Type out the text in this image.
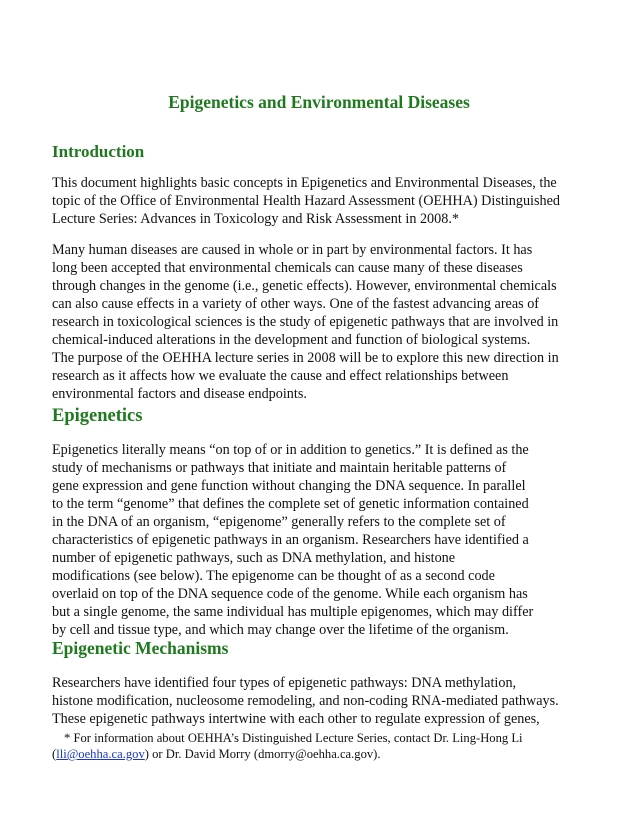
Epigenetics and Environmental Diseases
Introduction
This document highlights basic concepts in Epigenetics and Environmental Diseases, the
topic of the Office of Environmental Health Hazard Assessment (OEHHA) Distinguished
Lecture Series: Advances in Toxicology and Risk Assessment in 2008.*
Many human diseases are caused in whole or in part by environmental factors. It has
long been accepted that environmental chemicals can cause many of these diseases
through changes in the genome (i.e., genetic effects). However, environmental chemicals
can also cause effects in a variety of other ways. One of the fastest advancing areas of
research in toxicological sciences is the study of epigenetic pathways that are involved in
chemical-induced alterations in the development and function of biological systems.
The purpose of the OEHHA lecture series in 2008 will be to explore this new direction in
research as it affects how we evaluate the cause and effect relationships between
environmental factors and disease endpoints.
Epigenetics
Epigenetics literally means “on top of or in addition to genetics.” It is defined as the
study of mechanisms or pathways that initiate and maintain heritable patterns of
gene expression and gene function without changing the DNA sequence. In parallel
to the term “genome” that defines the complete set of genetic information contained
in the DNA of an organism, “epigenome” generally refers to the complete set of
characteristics of epigenetic pathways in an organism. Researchers have identified a
number of epigenetic pathways, such as DNA methylation, and histone
modifications (see below). The epigenome can be thought of as a second code
overlaid on top of the DNA sequence code of the genome. While each organism has
but a single genome, the same individual has multiple epigenomes, which may differ
by cell and tissue type, and which may change over the lifetime of the organism.
Epigenetic Mechanisms
Researchers have identified four types of epigenetic pathways: DNA methylation,
histone modification, nucleosome remodeling, and non-coding RNA-mediated pathways.
These epigenetic pathways intertwine with each other to regulate expression of genes,
* For information about OEHHA’s Distinguished Lecture Series, contact Dr. Ling-Hong Li
(lli@oehha.ca.gov) or Dr. David Morry (dmorry@oehha.ca.gov).
